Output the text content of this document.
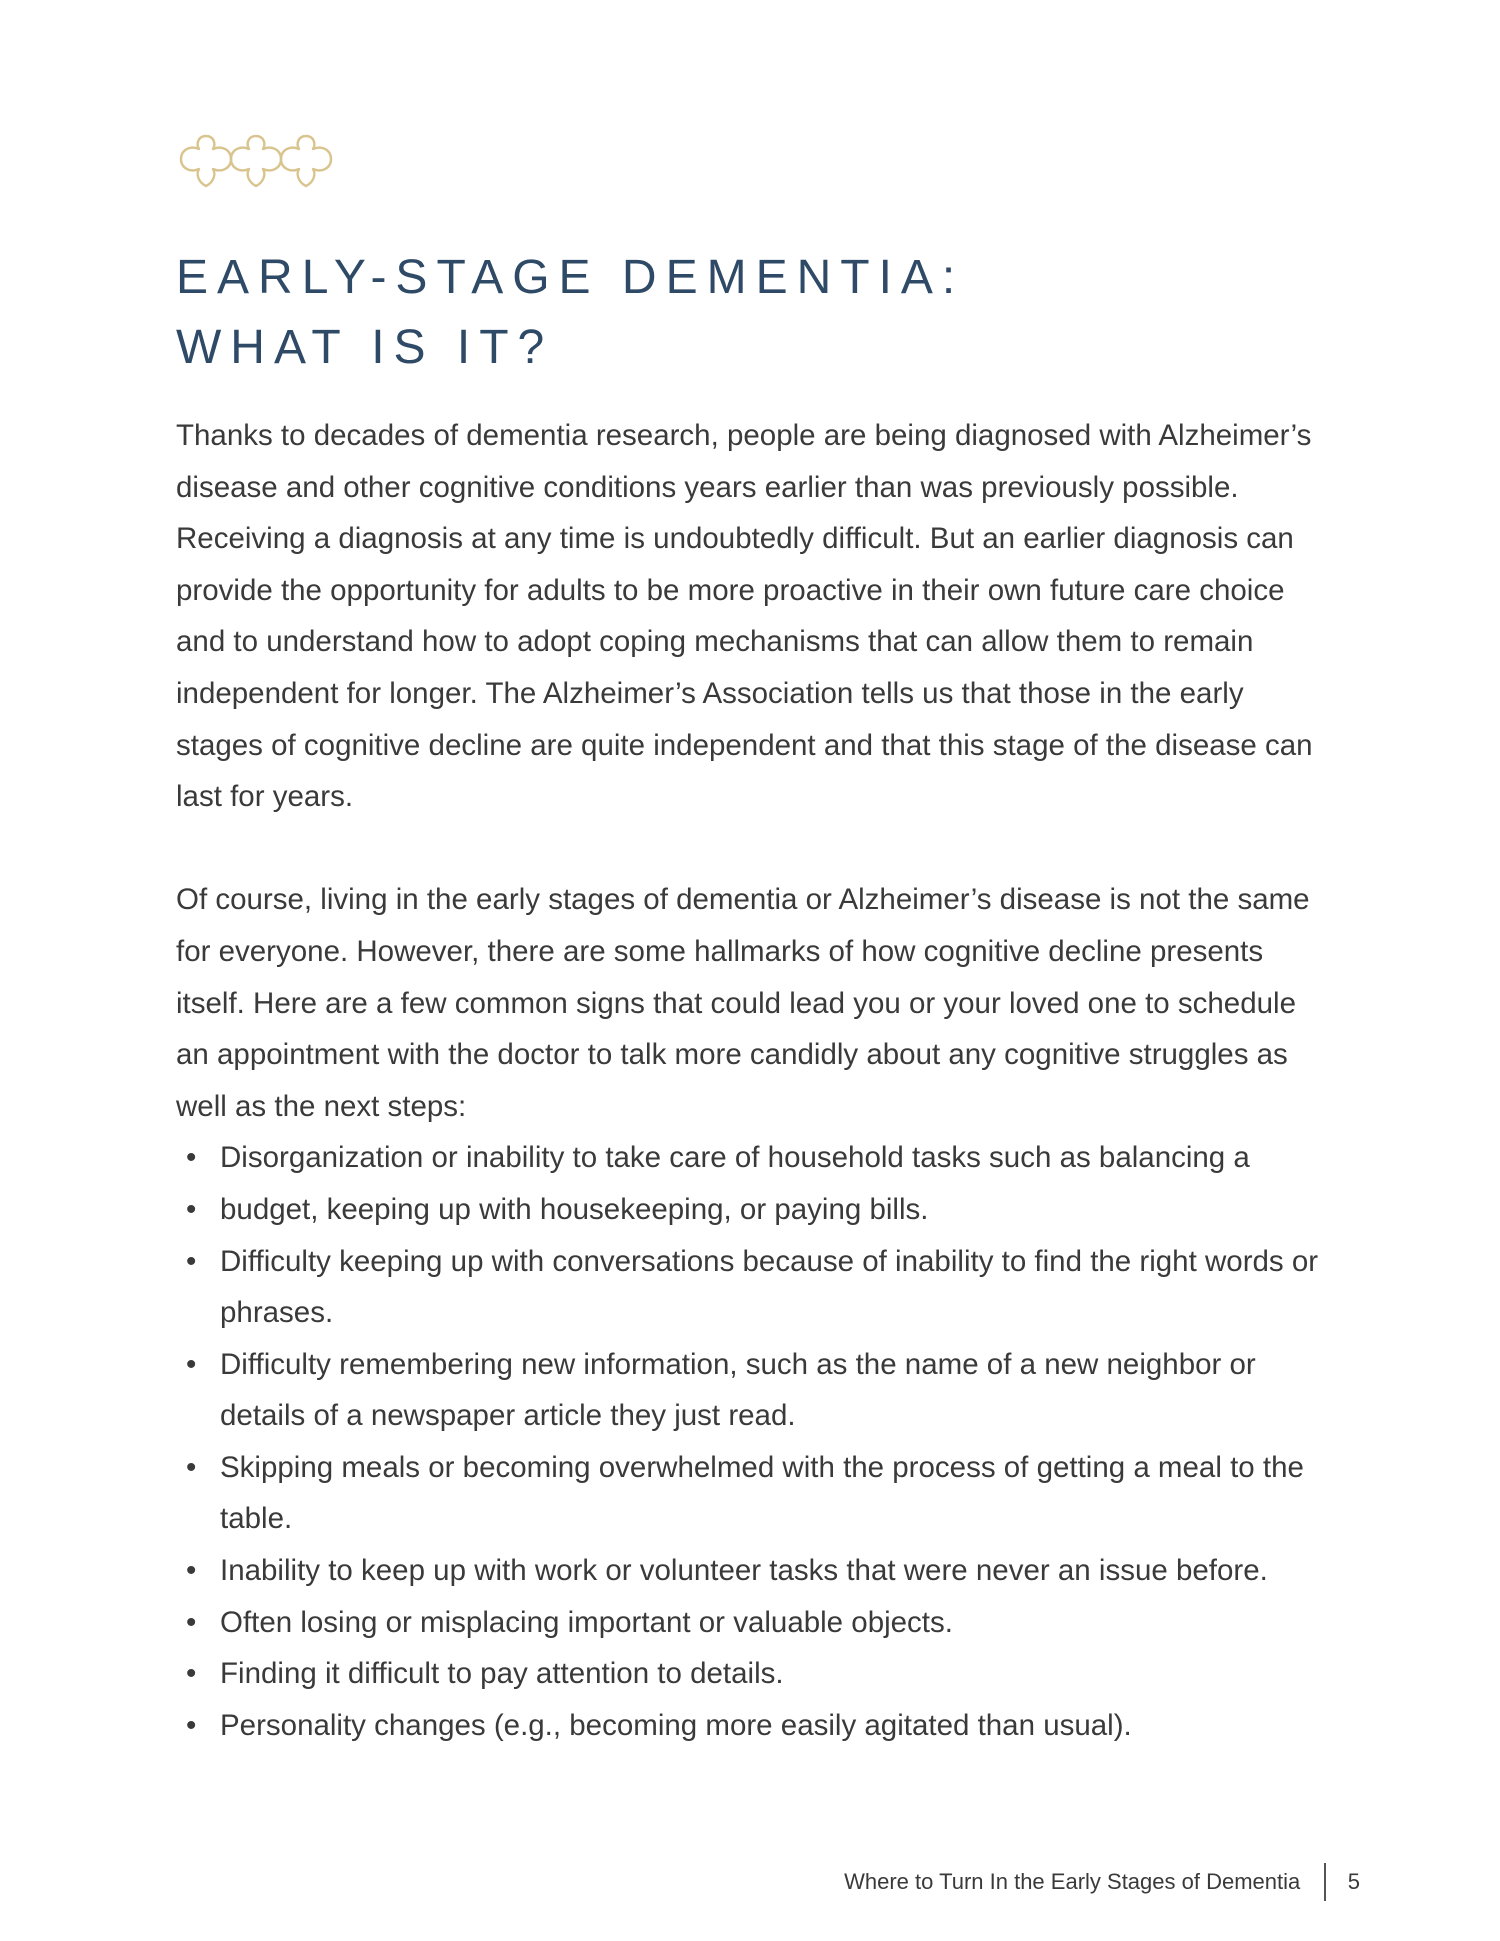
EARLY-STAGE DEMENTIA:
WHAT IS IT?

Thanks to decades of dementia research, people are being diagnosed with Alzheimer’s disease and other cognitive conditions years earlier than was previously possible. Receiving a diagnosis at any time is undoubtedly difficult. But an earlier diagnosis can provide the opportunity for adults to be more proactive in their own future care choice and to understand how to adopt coping mechanisms that can allow them to remain independent for longer. The Alzheimer’s Association tells us that those in the early stages of cognitive decline are quite independent and that this stage of the disease can last for years.

Of course, living in the early stages of dementia or Alzheimer’s disease is not the same for everyone. However, there are some hallmarks of how cognitive decline presents itself. Here are a few common signs that could lead you or your loved one to schedule an appointment with the doctor to talk more candidly about any cognitive struggles as well as the next steps:

• Disorganization or inability to take care of household tasks such as balancing a
• budget, keeping up with housekeeping, or paying bills.
• Difficulty keeping up with conversations because of inability to find the right words or phrases.
• Difficulty remembering new information, such as the name of a new neighbor or details of a newspaper article they just read.
• Skipping meals or becoming overwhelmed with the process of getting a meal to the table.
• Inability to keep up with work or volunteer tasks that were never an issue before.
• Often losing or misplacing important or valuable objects.
• Finding it difficult to pay attention to details.
• Personality changes (e.g., becoming more easily agitated than usual).
Where to Turn In the Early Stages of Dementia 5
